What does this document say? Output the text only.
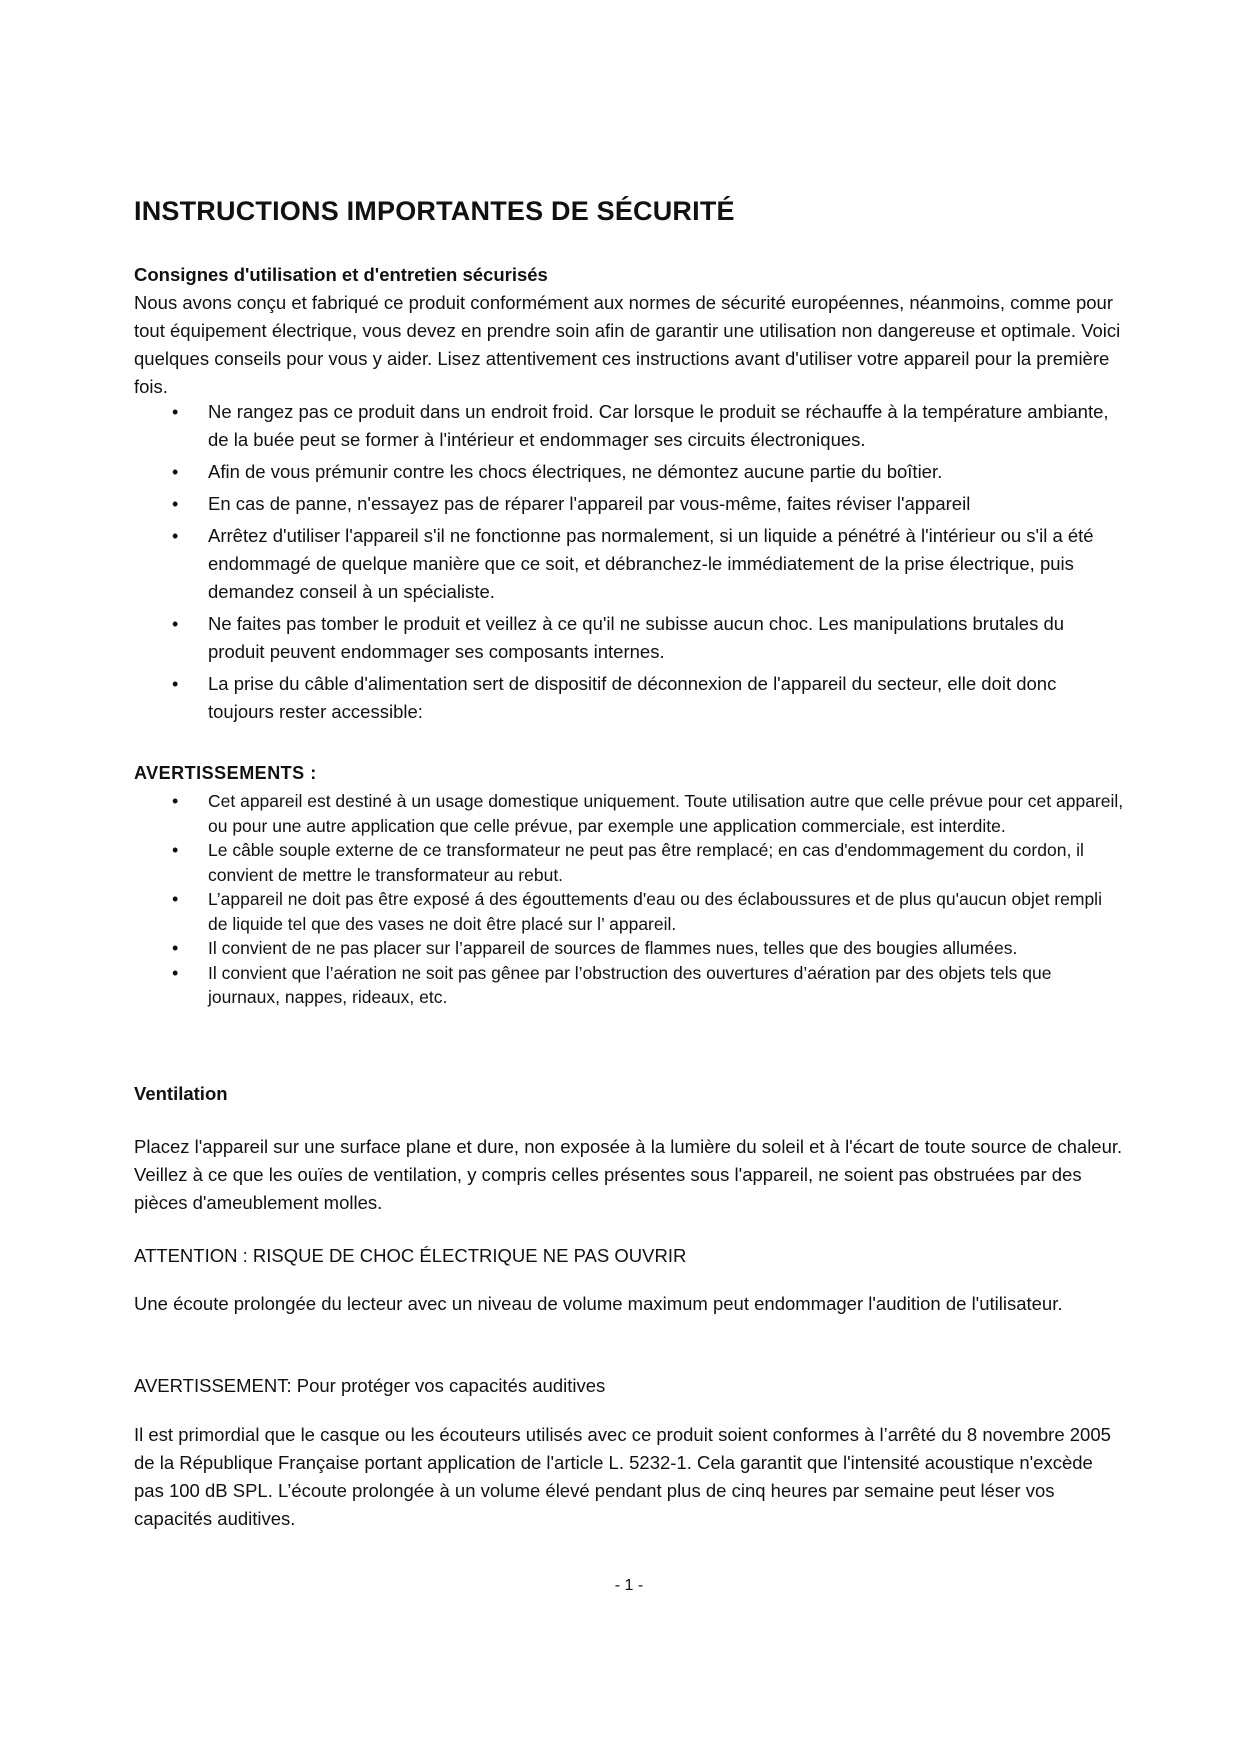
INSTRUCTIONS IMPORTANTES DE SÉCURITÉ

Consignes d'utilisation et d'entretien sécurisés

Nous avons conçu et fabriqué ce produit conformément aux normes de sécurité européennes, néanmoins, comme pour tout équipement électrique, vous devez en prendre soin afin de garantir une utilisation non dangereuse et optimale. Voici quelques conseils pour vous y aider. Lisez attentivement ces instructions avant d'utiliser votre appareil pour la première fois.

• Ne rangez pas ce produit dans un endroit froid. Car lorsque le produit se réchauffe à la température ambiante, de la buée peut se former à l'intérieur et endommager ses circuits électroniques.
• Afin de vous prémunir contre les chocs électriques, ne démontez aucune partie du boîtier.
• En cas de panne, n'essayez pas de réparer l'appareil par vous-même, faites réviser l'appareil
• Arrêtez d'utiliser l'appareil s'il ne fonctionne pas normalement, si un liquide a pénétré à l'intérieur ou s'il a été endommagé de quelque manière que ce soit, et débranchez-le immédiatement de la prise électrique, puis demandez conseil à un spécialiste.
• Ne faites pas tomber le produit et veillez à ce qu'il ne subisse aucun choc. Les manipulations brutales du produit peuvent endommager ses composants internes.
• La prise du câble d'alimentation sert de dispositif de déconnexion de l'appareil du secteur, elle doit donc toujours rester accessible:

AVERTISSEMENTS :

• Cet appareil est destiné à un usage domestique uniquement. Toute utilisation autre que celle prévue pour cet appareil, ou pour une autre application que celle prévue, par exemple une application commerciale, est interdite.
• Le câble souple externe de ce transformateur ne peut pas être remplacé; en cas d'endommagement du cordon, il convient de mettre le transformateur au rebut.
• L’appareil ne doit pas être exposé á des égouttements d'eau ou des éclaboussures et de plus qu'aucun objet rempli de liquide tel que des vases ne doit être placé sur l’ appareil.
• Il convient de ne pas placer sur l’appareil de sources de flammes nues, telles que des bougies allumées.
• Il convient que l’aération ne soit pas gênee par l’obstruction des ouvertures d’aération par des objets tels que journaux, nappes, rideaux, etc.

Ventilation

Placez l'appareil sur une surface plane et dure, non exposée à la lumière du soleil et à l'écart de toute source de chaleur. Veillez à ce que les ouïes de ventilation, y compris celles présentes sous l'appareil, ne soient pas obstruées par des pièces d'ameublement molles.

ATTENTION : RISQUE DE CHOC ÉLECTRIQUE NE PAS OUVRIR

Une écoute prolongée du lecteur avec un niveau de volume maximum peut endommager l'audition de l'utilisateur.

AVERTISSEMENT: Pour protéger vos capacités auditives

Il est primordial que le casque ou les écouteurs utilisés avec ce produit soient conformes à l’arrêté du 8 novembre 2005 de la République Française portant application de l'article L. 5232-1. Cela garantit que l'intensité acoustique n'excède pas 100 dB SPL. L’écoute prolongée à un volume élevé pendant plus de cinq heures par semaine peut léser vos capacités auditives.

- 1 -
